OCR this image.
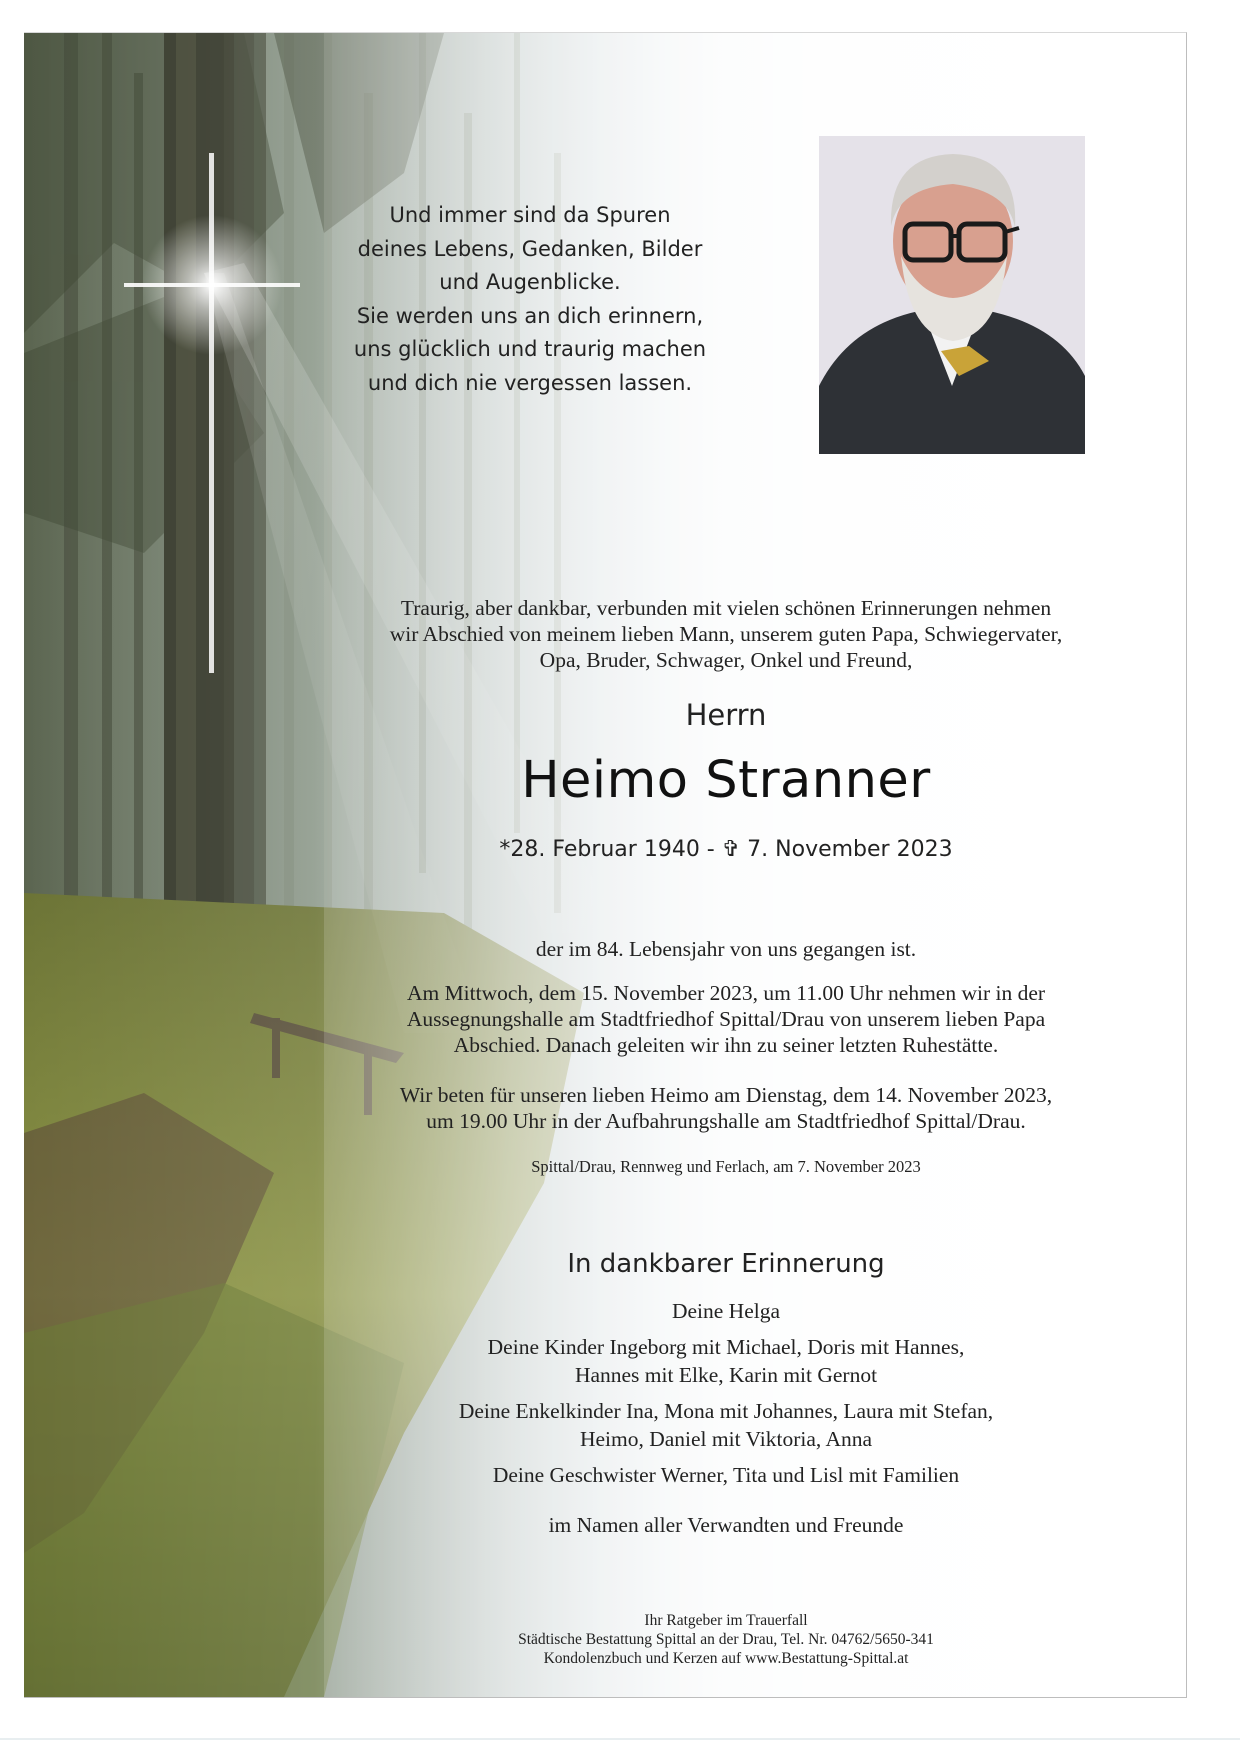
Und immer sind da Spuren
deines Lebens, Gedanken, Bilder
und Augenblicke.
Sie werden uns an dich erinnern,
uns glücklich und traurig machen
und dich nie vergessen lassen.
Traurig, aber dankbar, verbunden mit vielen schönen Erinnerungen nehmen
wir Abschied von meinem lieben Mann, unserem guten Papa, Schwiegervater,
Opa, Bruder, Schwager, Onkel und Freund,
Herrn
Heimo Stranner
*28. Februar 1940 - ✞ 7. November 2023
der im 84. Lebensjahr von uns gegangen ist.
Am Mittwoch, dem 15. November 2023, um 11.00 Uhr nehmen wir in der
Aussegnungshalle am Stadtfriedhof Spittal/Drau von unserem lieben Papa
Abschied. Danach geleiten wir ihn zu seiner letzten Ruhestätte.
Wir beten für unseren lieben Heimo am Dienstag, dem 14. November 2023,
um 19.00 Uhr in der Aufbahrungshalle am Stadtfriedhof Spittal/Drau.
Spittal/Drau, Rennweg und Ferlach, am 7. November 2023
In dankbarer Erinnerung
Deine Helga
Deine Kinder Ingeborg mit Michael, Doris mit Hannes,
Hannes mit Elke, Karin mit Gernot
Deine Enkelkinder Ina, Mona mit Johannes, Laura mit Stefan,
Heimo, Daniel mit Viktoria, Anna
Deine Geschwister Werner, Tita und Lisl mit Familien
im Namen aller Verwandten und Freunde
Ihr Ratgeber im Trauerfall
Städtische Bestattung Spittal an der Drau, Tel. Nr. 04762/5650-341
Kondolenzbuch und Kerzen auf www.Bestattung-Spittal.at
